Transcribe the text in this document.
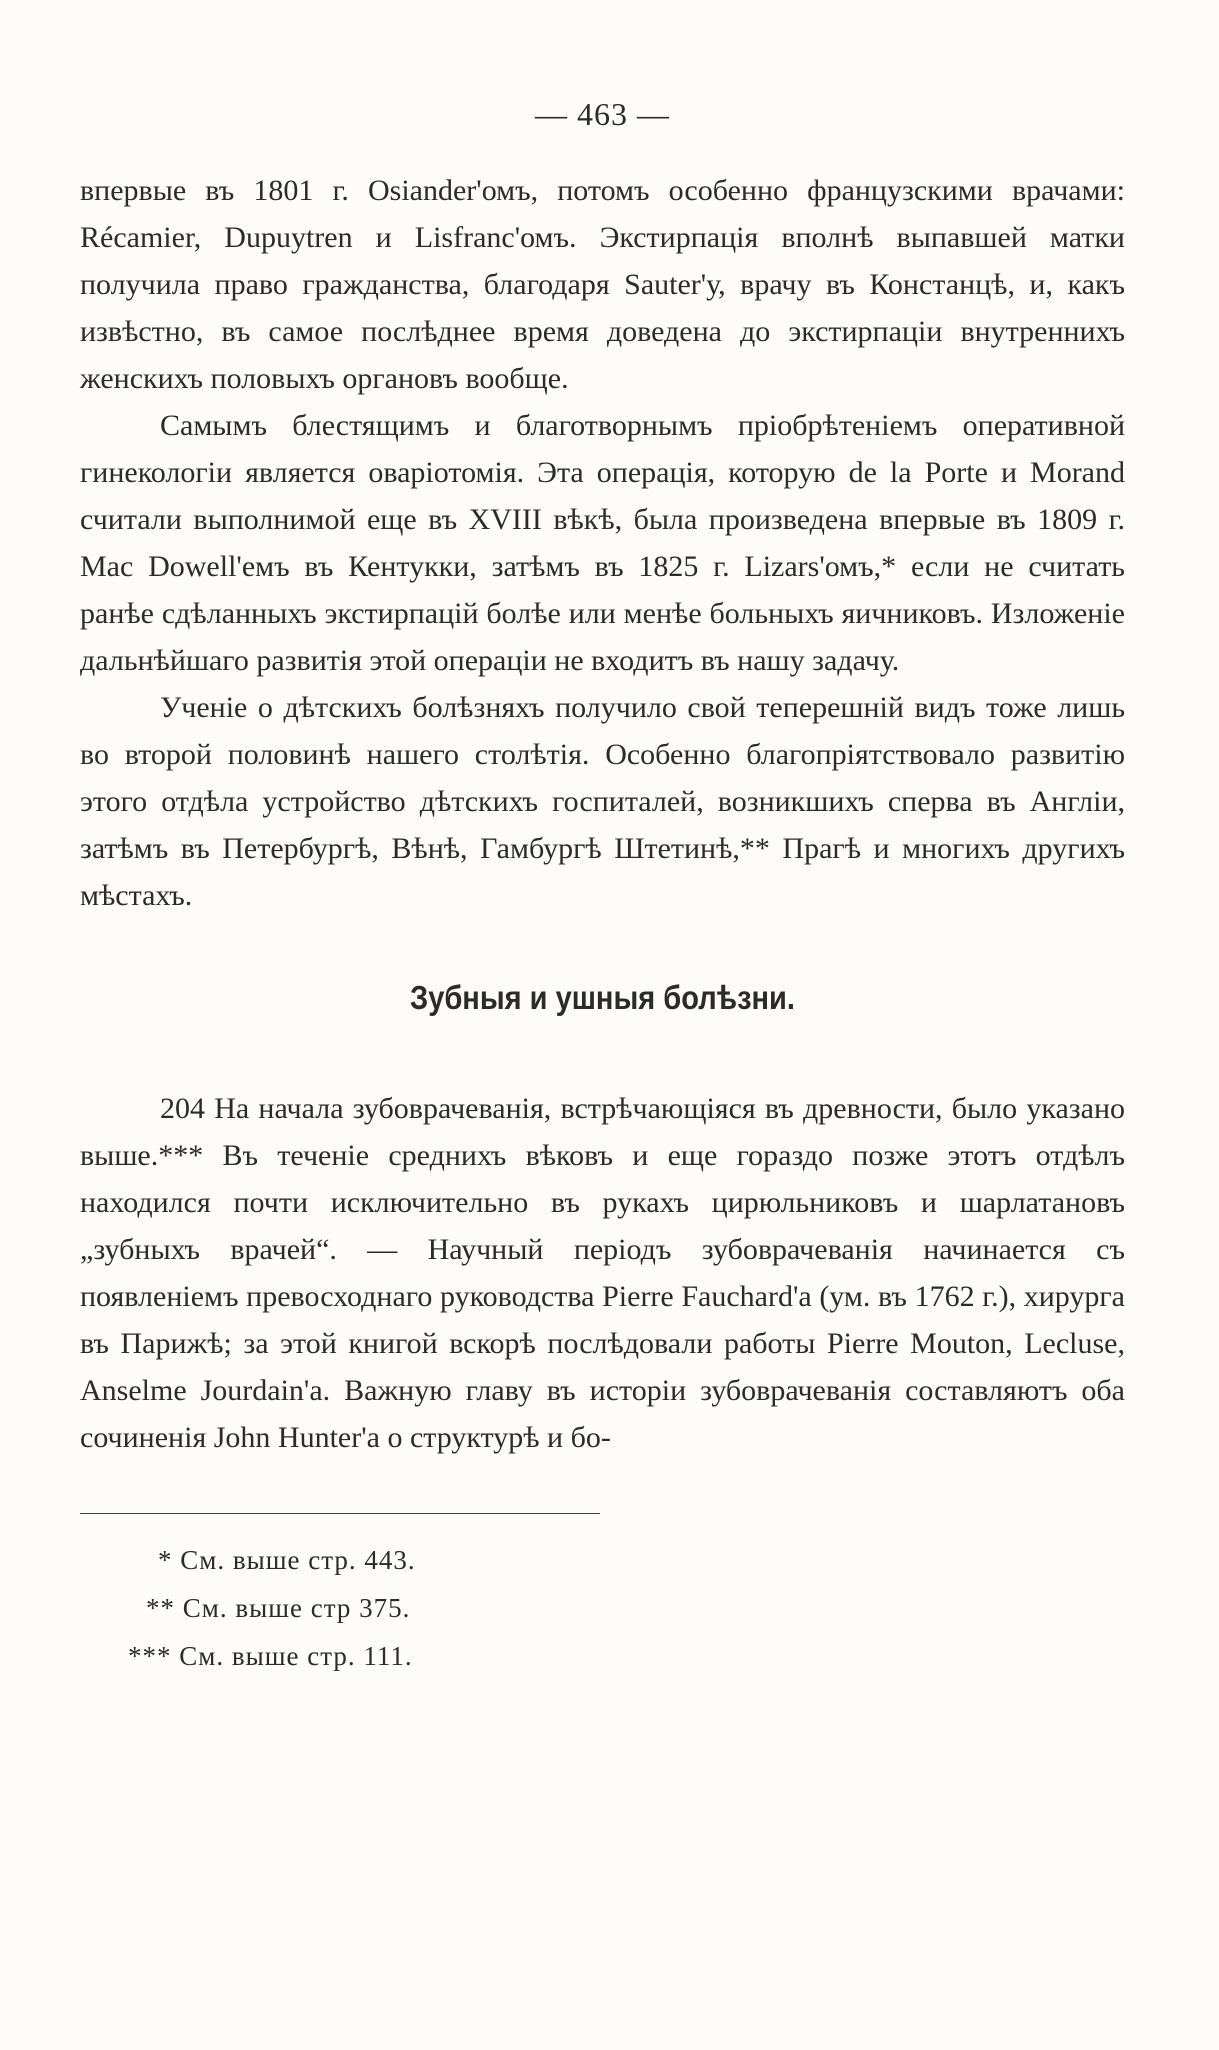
— 463 —

впервые въ 1801 г. Osiander'омъ, потомъ особенно французскими врачами: Récamier, Dupuytren и Lisfranc'омъ. Экстирпація вполнѣ выпавшей матки получила право гражданства, благодаря Sauter'у, врачу въ Констанцѣ, и, какъ извѣстно, въ самое послѣднее время доведена до экстирпаціи внутреннихъ женскихъ половыхъ органовъ вообще.

Самымъ блестящимъ и благотворнымъ пріобрѣтеніемъ оперативной гинекологіи является оваріотомія. Эта операція, которую de la Porte и Morand считали выполнимой еще въ XVIII вѣкѣ, была произведена впервые въ 1809 г. Mac Dowell'емъ въ Кентукки, затѣмъ въ 1825 г. Lizars'омъ,* если не считать ранѣе сдѣланныхъ экстирпацій болѣе или менѣе больныхъ яичниковъ. Изложеніе дальнѣйшаго развитія этой операціи не входитъ въ нашу задачу.

Ученіе о дѣтскихъ болѣзняхъ получило свой теперешній видъ тоже лишь во второй половинѣ нашего столѣтія. Особенно благопріятствовало развитію этого отдѣла устройство дѣтскихъ госпиталей, возникшихъ сперва въ Англіи, затѣмъ въ Петербургѣ, Вѣнѣ, Гамбургѣ Штетинѣ,** Прагѣ и многихъ другихъ мѣстахъ.

Зубныя и ушныя болѣзни.

204 На начала зубоврачеванія, встрѣчающіяся въ древности, было указано выше.*** Въ теченіе среднихъ вѣковъ и еще гораздо позже этотъ отдѣлъ находился почти исключительно въ рукахъ цирюльниковъ и шарлатановъ „зубныхъ врачей“. — Научный періодъ зубоврачеванія начинается съ появленіемъ превосходнаго руководства Pierre Fauchard'a (ум. въ 1762 г.), хирурга въ Парижѣ; за этой книгой вскорѣ послѣдовали работы Pierre Mouton, Lecluse, Anselme Jourdain'a. Важную главу въ исторіи зубоврачеванія составляютъ оба сочиненія John Hunter'a о структурѣ и бо-

* См. выше стр. 443.

** См. выше стр 375.

*** См. выше стр. 111.
